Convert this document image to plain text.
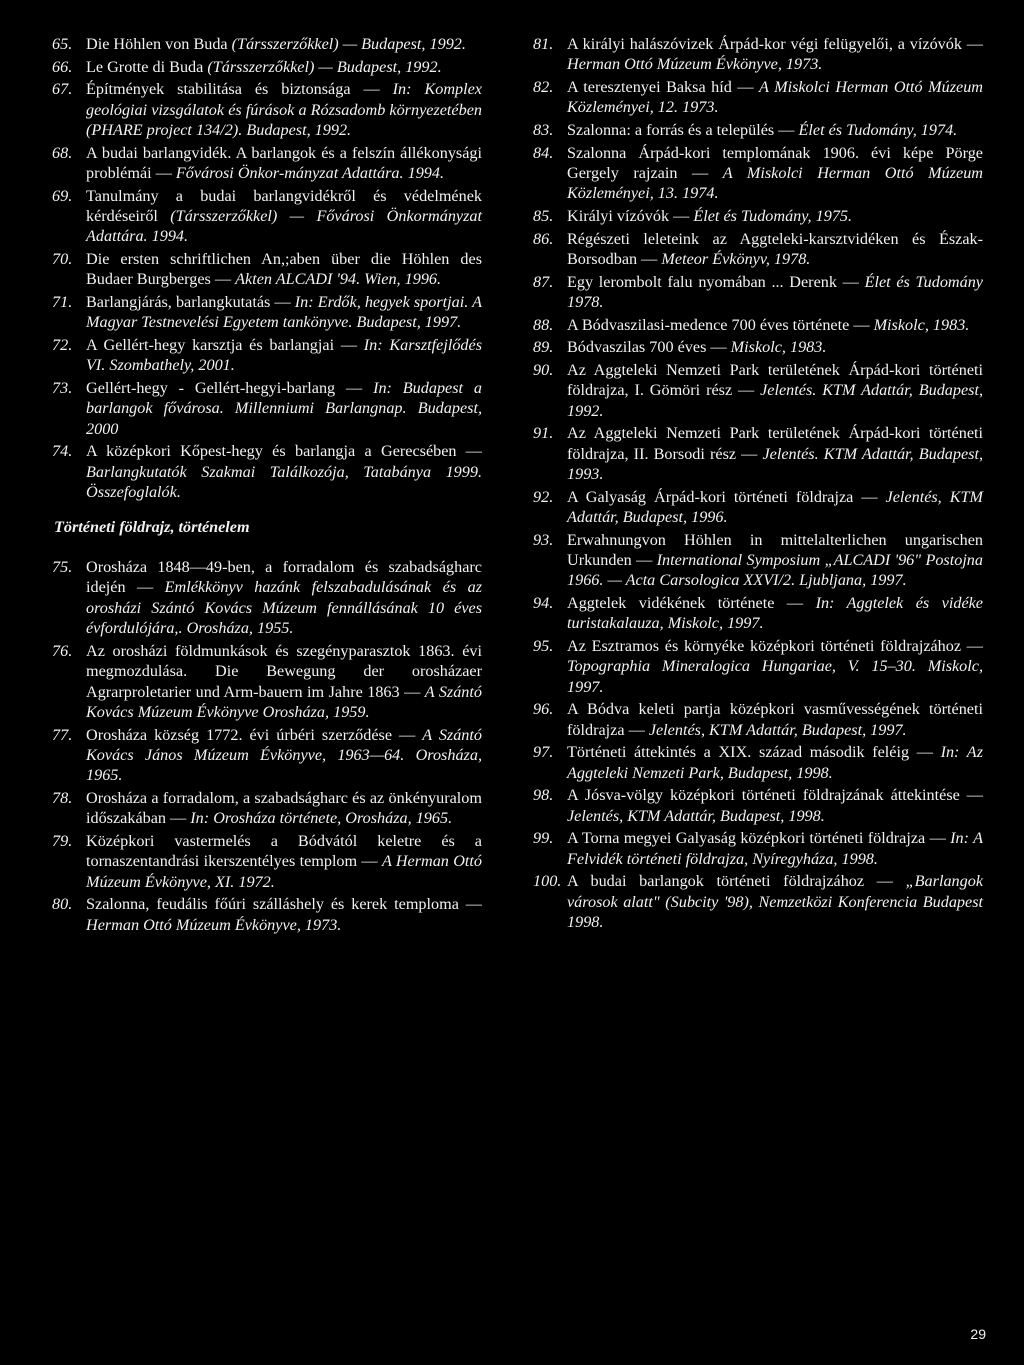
65. Die Höhlen von Buda (Társszerzőkkel) — Budapest, 1992.
66. Le Grotte di Buda (Társszerzőkkel) — Budapest, 1992.
67. Építmények stabilitása és biztonsága — In: Komplex geológiai vizsgálatok és fúrások a Rózsadomb környezetében (PHARE project 134/2). Budapest, 1992.
68. A budai barlangvidék. A barlangok és a felszín állékonysági problémái — Fővárosi Önkor-mányzat Adattára. 1994.
69. Tanulmány a budai barlangvidékről és védelmének kérdéseiről (Társszerzőkkel) — Fővárosi Önkormányzat Adattára. 1994.
70. Die ersten schriftlichen An,;aben über die Höhlen des Budaer Burgberges — Akten ALCADI '94. Wien, 1996.
71. Barlangjárás, barlangkutatás — In: Erdők, hegyek sportjai. A Magyar Testnevelési Egyetem tankönyve. Budapest, 1997.
72. A Gellért-hegy karsztja és barlangjai — In: Karsztfejlődés VI. Szombathely, 2001.
73. Gellért-hegy - Gellért-hegyi-barlang — In: Budapest a barlangok fővárosa. Millenniumi Barlangnap. Budapest, 2000
74. A középkori Kőpest-hegy és barlangja a Gerecsében — Barlangkutatók Szakmai Találkozója, Tatabánya 1999. Összefoglalók.
Történeti földrajz, történelem
75. Orosháza 1848—49-ben, a forradalom és szabadságharc idején — Emlékkönyv hazánk felszabadulásának és az orosházi Szántó Kovács Múzeum fennállásának 10 éves évfordulójára,. Orosháza, 1955.
76. Az orosházi földmunkások és szegényparasztok 1863. évi megmozdulása. Die Bewegung der orosházaer Agrarproletarier und Arm-bauern im Jahre 1863 — A Szántó Kovács Múzeum Évkönyve Orosháza, 1959.
77. Orosháza község 1772. évi úrbéri szerződése — A Szántó Kovács János Múzeum Évkönyve, 1963—64. Orosháza, 1965.
78. Orosháza a forradalom, a szabadságharc és az önkényuralom időszakában — In: Orosháza története, Orosháza, 1965.
79. Középkori vastermelés a Bódvától keletre és a tornaszentandrási ikerszentélyes templom — A Herman Ottó Múzeum Évkönyve, XI. 1972.
80. Szalonna, feudális főúri szálláshely és kerek temploma — Herman Ottó Múzeum Évkönyve, 1973.
81. A királyi halászóvizek Árpád-kor végi felügyelői, a vízóvók — Herman Ottó Múzeum Évkönyve, 1973.
82. A teresztenyei Baksa híd — A Miskolci Herman Ottó Múzeum Közleményei, 12. 1973.
83. Szalonna: a forrás és a település — Élet és Tudomány, 1974.
84. Szalonna Árpád-kori templomának 1906. évi képe Pörge Gergely rajzain — A Miskolci Herman Ottó Múzeum Közleményei, 13. 1974.
85. Királyi vízóvók — Élet és Tudomány, 1975.
86. Régészeti leleteink az Aggteleki-karsztvidéken és Észak-Borsodban — Meteor Évkönyv, 1978.
87. Egy lerombolt falu nyomában ... Derenk — Élet és Tudomány 1978.
88. A Bódvaszilasi-medence 700 éves története — Miskolc, 1983.
89. Bódvaszilas 700 éves — Miskolc, 1983.
90. Az Aggteleki Nemzeti Park területének Árpád-kori történeti földrajza, I. Gömöri rész — Jelentés. KTM Adattár, Budapest, 1992.
91. Az Aggteleki Nemzeti Park területének Árpád-kori történeti földrajza, II. Borsodi rész — Jelentés. KTM Adattár, Budapest, 1993.
92. A Galyaság Árpád-kori történeti földrajza — Jelentés, KTM Adattár, Budapest, 1996.
93. Erwahnungvon Höhlen in mittelalterlichen ungarischen Urkunden — International Symposium „ALCADI '96" Postojna 1966. — Acta Carsologica XXVI/2. Ljubljana, 1997.
94. Aggtelek vidékének története — In: Aggtelek és vidéke turistakalauza, Miskolc, 1997.
95. Az Esztramos és környéke középkori történeti földrajzához — Topographia Mineralogica Hungariae, V. 15–30. Miskolc, 1997.
96. A Bódva keleti partja középkori vasművességének történeti földrajza — Jelentés, KTM Adattár, Budapest, 1997.
97. Történeti áttekintés a XIX. század második feléig — In: Az Aggteleki Nemzeti Park, Budapest, 1998.
98. A Jósva-völgy középkori történeti földrajzának áttekintése — Jelentés, KTM Adattár, Budapest, 1998.
99. A Torna megyei Galyaság középkori történeti földrajza — In: A Felvidék történeti földrajza, Nyíregyháza, 1998.
100. A budai barlangok történeti földrajzához — „Barlangok városok alatt" (Subcity '98), Nemzetközi Konferencia Budapest 1998.
29
